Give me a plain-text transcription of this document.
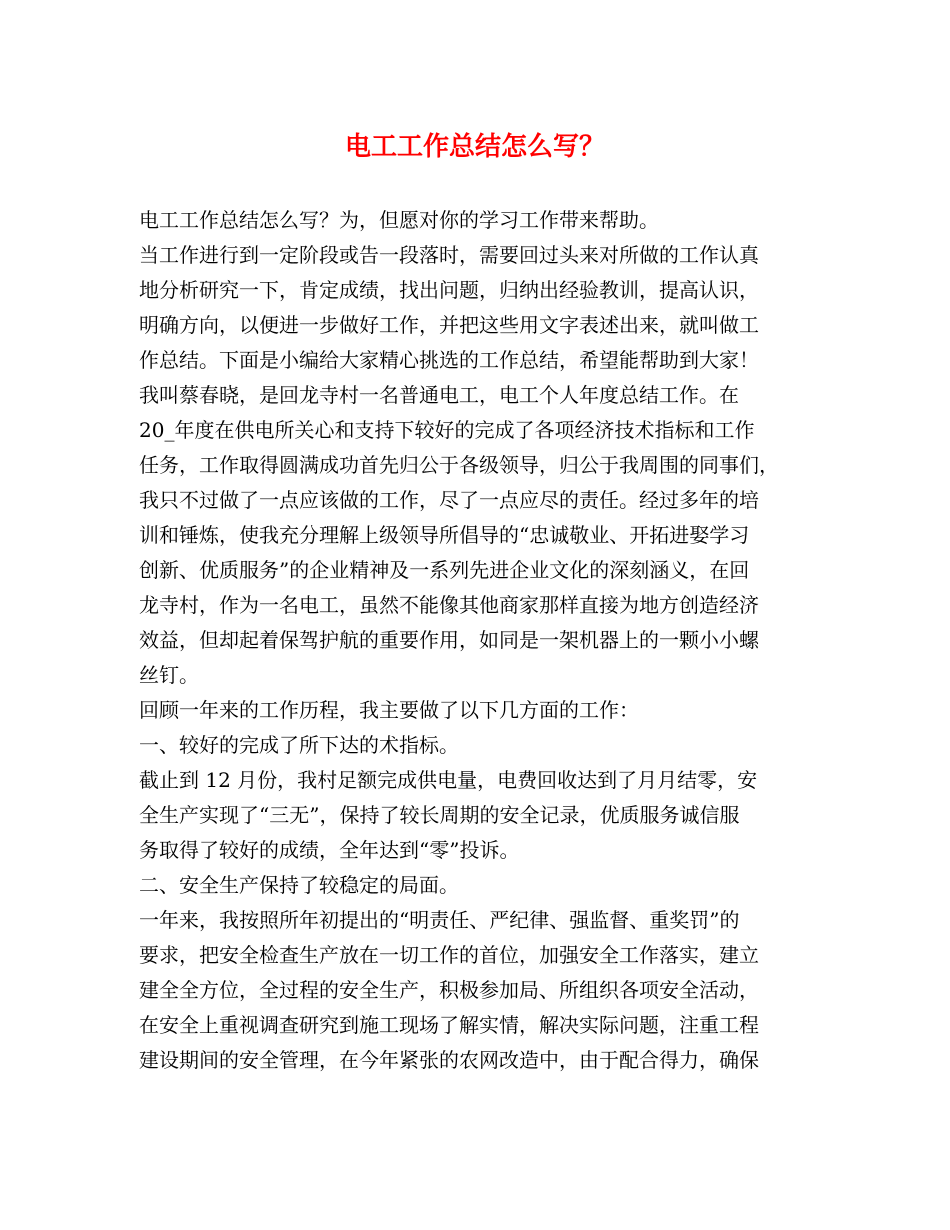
电工工作总结怎么写？

电工工作总结怎么写？为，但愿对你的学习工作带来帮助。

当工作进行到一定阶段或告一段落时，需要回过头来对所做的工作认真

地分析研究一下，肯定成绩，找出问题，归纳出经验教训，提高认识，

明确方向，以便进一步做好工作，并把这些用文字表述出来，就叫做工

作总结。下面是小编给大家精心挑选的工作总结，希望能帮助到大家！

我叫蔡春晓，是回龙寺村一名普通电工，电工个人年度总结工作。在

20_年度在供电所关心和支持下较好的完成了各项经济技术指标和工作

任务，工作取得圆满成功首先归公于各级领导，归公于我周围的同事们，

我只不过做了一点应该做的工作，尽了一点应尽的责任。经过多年的培

训和锤炼，使我充分理解上级领导所倡导的“忠诚敬业、开拓进娶学习

创新、优质服务”的企业精神及一系列先进企业文化的深刻涵义，在回

龙寺村，作为一名电工，虽然不能像其他商家那样直接为地方创造经济

效益，但却起着保驾护航的重要作用，如同是一架机器上的一颗小小螺

丝钉。

回顾一年来的工作历程，我主要做了以下几方面的工作：

一、较好的完成了所下达的术指标。

截止到 12 月份，我村足额完成供电量，电费回收达到了月月结零，安

全生产实现了“三无”，保持了较长周期的安全记录，优质服务诚信服

务取得了较好的成绩，全年达到“零”投诉。

二、安全生产保持了较稳定的局面。

一年来，我按照所年初提出的“明责任、严纪律、强监督、重奖罚”的

要求，把安全检查生产放在一切工作的首位，加强安全工作落实，建立

建全全方位，全过程的安全生产，积极参加局、所组织各项安全活动，

在安全上重视调查研究到施工现场了解实情，解决实际问题，注重工程

建设期间的安全管理，在今年紧张的农网改造中，由于配合得力，确保
